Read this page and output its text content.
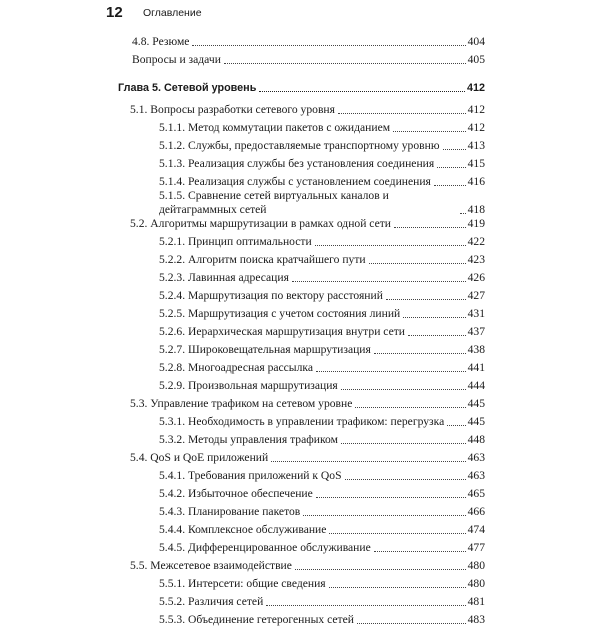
12 Оглавление
4.8. Резюме	404
Вопросы и задачи	405
Глава 5. Сетевой уровень	412
5.1. Вопросы разработки сетевого уровня	412
5.1.1. Метод коммутации пакетов с ожиданием	412
5.1.2. Службы, предоставляемые транспортному уровню 413
5.1.3. Реализация службы без установления соединения	415
5.1.4. Реализация службы с установлением соединения	416
5.1.5. Сравнение сетей виртуальных каналов и дейтаграммных сетей	418
5.2. Алгоритмы маршрутизации в рамках одной сети	419
5.2.1. Принцип оптимальности	422
5.2.2. Алгоритм поиска кратчайшего пути	423
5.2.3. Лавинная адресация	426
5.2.4. Маршрутизация по вектору расстояний	427
5.2.5. Маршрутизация с учетом состояния линий	431
5.2.6. Иерархическая маршрутизация внутри сети	437
5.2.7. Широковещательная маршрутизация	438
5.2.8. Многоадресная рассылка	441
5.2.9. Произвольная маршрутизация	444
5.3. Управление трафиком на сетевом уровне	445
5.3.1. Необходимость в управлении трафиком: перегрузка 445
5.3.2. Методы управления трафиком	448
5.4. QoS и QoE приложений	463
5.4.1. Требования приложений к QoS	463
5.4.2. Избыточное обеспечение	465
5.4.3. Планирование пакетов	466
5.4.4. Комплексное обслуживание	474
5.4.5. Дифференцированное обслуживание	477
5.5. Межсетевое взаимодействие	480
5.5.1. Интерсети: общие сведения	480
5.5.2. Различия сетей	481
5.5.3. Объединение гетерогенных сетей	483
